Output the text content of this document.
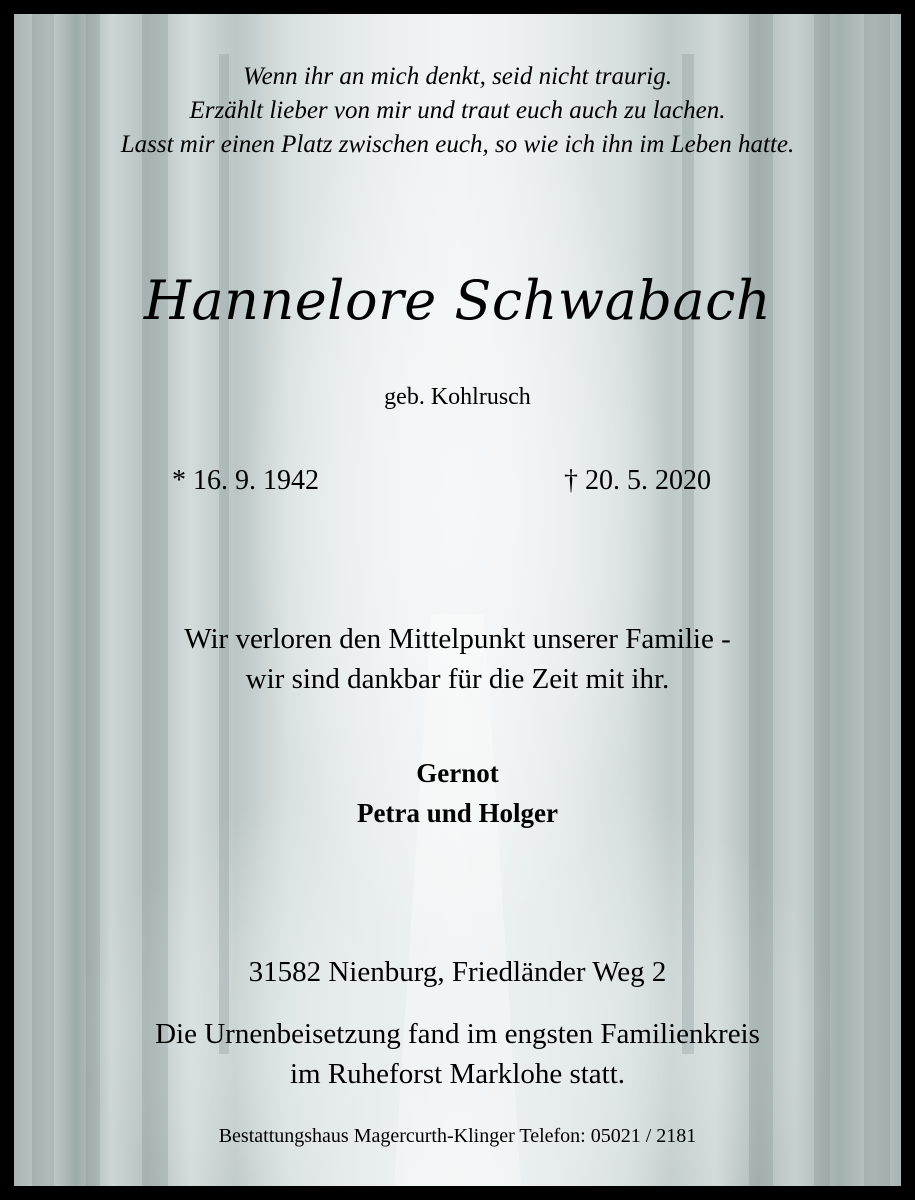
Wenn ihr an mich denkt, seid nicht traurig.
Erzählt lieber von mir und traut euch auch zu lachen.
Lasst mir einen Platz zwischen euch, so wie ich ihn im Leben hatte.
Hannelore Schwabach
geb. Kohlrusch
* 16. 9. 1942	† 20. 5. 2020
Wir verloren den Mittelpunkt unserer Familie -
wir sind dankbar für die Zeit mit ihr.
Gernot
Petra und Holger
31582 Nienburg, Friedländer Weg 2
Die Urnenbeisetzung fand im engsten Familienkreis
im Ruheforst Marklohe statt.
Bestattungshaus Magercurth-Klinger Telefon: 05021 / 2181
